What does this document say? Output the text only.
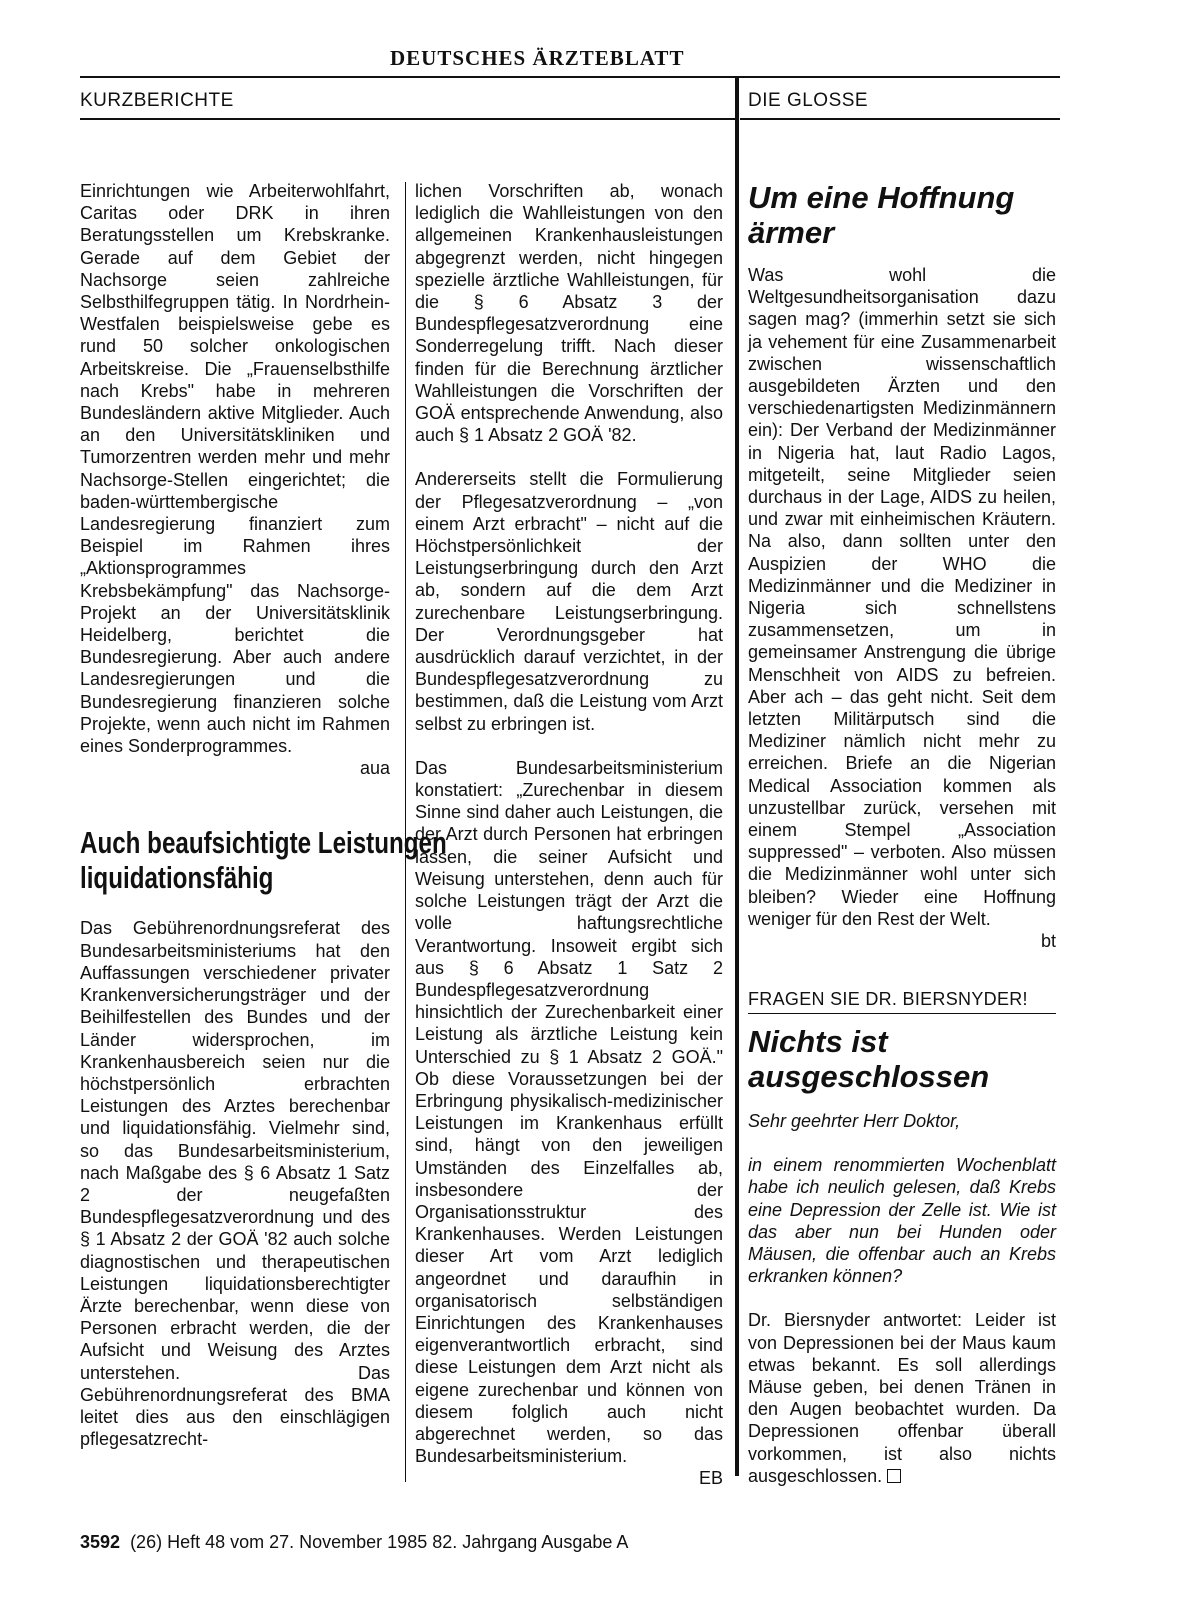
DEUTSCHES ÄRZTEBLATT
KURZBERICHTE	DIE GLOSSE

Einrichtungen wie Arbeiterwohlfahrt, Caritas oder DRK in ihren Beratungsstellen um Krebskranke. Gerade auf dem Gebiet der Nachsorge seien zahlreiche Selbsthilfegruppen tätig. In Nordrhein-Westfalen beispielsweise gebe es rund 50 solcher onkologischen Arbeitskreise. Die „Frauenselbsthilfe nach Krebs" habe in mehreren Bundesländern aktive Mitglieder. Auch an den Universitätskliniken und Tumorzentren werden mehr und mehr Nachsorge-Stellen eingerichtet; die baden-württembergische Landesregierung finanziert zum Beispiel im Rahmen ihres „Aktionsprogrammes Krebsbekämpfung" das Nachsorge-Projekt an der Universitätsklinik Heidelberg, berichtet die Bundesregierung. Aber auch andere Landesregierungen und die Bundesregierung finanzieren solche Projekte, wenn auch nicht im Rahmen eines Sonderprogrammes.

aua
Auch beaufsichtigte Leistungen liquidationsfähig

Das Gebührenordnungsreferat des Bundesarbeitsministeriums hat den Auffassungen verschiedener privater Krankenversicherungsträger und der Beihilfestellen des Bundes und der Länder widersprochen, im Krankenhausbereich seien nur die höchstpersönlich erbrachten Leistungen des Arztes berechenbar und liquidationsfähig. Vielmehr sind, so das Bundesarbeitsministerium, nach Maßgabe des § 6 Absatz 1 Satz 2 der neugefaßten Bundespflegesatzverordnung und des § 1 Absatz 2 der GOÄ '82 auch solche diagnostischen und therapeutischen Leistungen liquidationsberechtigter Ärzte berechenbar, wenn diese von Personen erbracht werden, die der Aufsicht und Weisung des Arztes unterstehen. Das Gebührenordnungsreferat des BMA leitet dies aus den einschlägigen pflegesatzrecht-

lichen Vorschriften ab, wonach lediglich die Wahlleistungen von den allgemeinen Krankenhausleistungen abgegrenzt werden, nicht hingegen spezielle ärztliche Wahlleistungen, für die § 6 Absatz 3 der Bundespflegesatzverordnung eine Sonderregelung trifft. Nach dieser finden für die Berechnung ärztlicher Wahlleistungen die Vorschriften der GOÄ entsprechende Anwendung, also auch § 1 Absatz 2 GOÄ '82.

Andererseits stellt die Formulierung der Pflegesatzverordnung – „von einem Arzt erbracht" – nicht auf die Höchstpersönlichkeit der Leistungserbringung durch den Arzt ab, sondern auf die dem Arzt zurechenbare Leistungserbringung. Der Verordnungsgeber hat ausdrücklich darauf verzichtet, in der Bundespflegesatzverordnung zu bestimmen, daß die Leistung vom Arzt selbst zu erbringen ist.

Das Bundesarbeitsministerium konstatiert: „Zurechenbar in diesem Sinne sind daher auch Leistungen, die der Arzt durch Personen hat erbringen lassen, die seiner Aufsicht und Weisung unterstehen, denn auch für solche Leistungen trägt der Arzt die volle haftungsrechtliche Verantwortung. Insoweit ergibt sich aus § 6 Absatz 1 Satz 2 Bundespflegesatzverordnung hinsichtlich der Zurechenbarkeit einer Leistung als ärztliche Leistung kein Unterschied zu § 1 Absatz 2 GOÄ." Ob diese Voraussetzungen bei der Erbringung physikalisch-medizinischer Leistungen im Krankenhaus erfüllt sind, hängt von den jeweiligen Umständen des Einzelfalles ab, insbesondere der Organisationsstruktur des Krankenhauses. Werden Leistungen dieser Art vom Arzt lediglich angeordnet und daraufhin in organisatorisch selbständigen Einrichtungen des Krankenhauses eigenverantwortlich erbracht, sind diese Leistungen dem Arzt nicht als eigene zurechenbar und können von diesem folglich auch nicht abgerechnet werden, so das Bundesarbeitsministerium.

EB
Um eine Hoffnung ärmer

Was wohl die Weltgesundheitsorganisation dazu sagen mag? (immerhin setzt sie sich ja vehement für eine Zusammenarbeit zwischen wissenschaftlich ausgebildeten Ärzten und den verschiedenartigsten Medizinmännern ein): Der Verband der Medizinmänner in Nigeria hat, laut Radio Lagos, mitgeteilt, seine Mitglieder seien durchaus in der Lage, AIDS zu heilen, und zwar mit einheimischen Kräutern. Na also, dann sollten unter den Auspizien der WHO die Medizinmänner und die Mediziner in Nigeria sich schnellstens zusammensetzen, um in gemeinsamer Anstrengung die übrige Menschheit von AIDS zu befreien. Aber ach – das geht nicht. Seit dem letzten Militärputsch sind die Mediziner nämlich nicht mehr zu erreichen. Briefe an die Nigerian Medical Association kommen als unzustellbar zurück, versehen mit einem Stempel „Association suppressed" – verboten. Also müssen die Medizinmänner wohl unter sich bleiben? Wieder eine Hoffnung weniger für den Rest der Welt.

bt
FRAGEN SIE DR. BIERSNYDER!
Nichts ist ausgeschlossen

Sehr geehrter Herr Doktor,

in einem renommierten Wochenblatt habe ich neulich gelesen, daß Krebs eine Depression der Zelle ist. Wie ist das aber nun bei Hunden oder Mäusen, die offenbar auch an Krebs erkranken können?

Dr. Biersnyder antwortet: Leider ist von Depressionen bei der Maus kaum etwas bekannt. Es soll allerdings Mäuse geben, bei denen Tränen in den Augen beobachtet wurden. Da Depressionen offenbar überall vorkommen, ist also nichts ausgeschlossen.

3592 (26) Heft 48 vom 27. November 1985 82. Jahrgang Ausgabe A
